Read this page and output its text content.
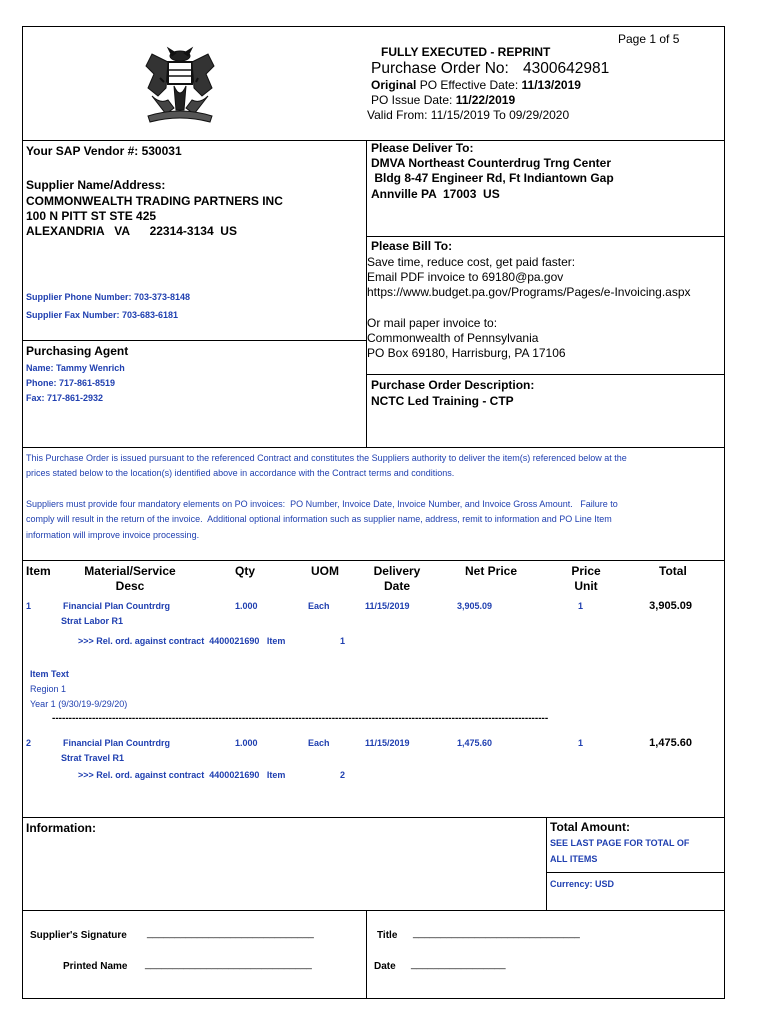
Page 1 of 5
FULLY EXECUTED - REPRINT
Purchase Order No: 4300642981
Original PO Effective Date: 11/13/2019
PO Issue Date: 11/22/2019
Valid From: 11/15/2019 To 09/29/2020
Your SAP Vendor #: 530031
Supplier Name/Address:
COMMONWEALTH TRADING PARTNERS INC
100 N PITT ST STE 425
ALEXANDRIA   VA      22314-3134  US
Supplier Phone Number: 703-373-8148
Supplier Fax Number: 703-683-6181
Please Deliver To:
DMVA Northeast Counterdrug Trng Center
Bldg 8-47 Engineer Rd, Ft Indiantown Gap
Annville PA  17003  US
Please Bill To:
Save time, reduce cost, get paid faster:
Email PDF invoice to 69180@pa.gov
https://www.budget.pa.gov/Programs/Pages/e-Invoicing.aspx
Or mail paper invoice to:
Commonwealth of Pennsylvania
PO Box 69180, Harrisburg, PA 17106
Purchasing Agent
Name: Tammy Wenrich
Phone: 717-861-8519
Fax: 717-861-2932
Purchase Order Description:
NCTC Led Training - CTP
This Purchase Order is issued pursuant to the referenced Contract and constitutes the Suppliers authority to deliver the item(s) referenced below at the
prices stated below to the location(s) identified above in accordance with the Contract terms and conditions.
Suppliers must provide four mandatory elements on PO invoices:  PO Number, Invoice Date, Invoice Number, and Invoice Gross Amount.   Failure to
comply will result in the return of the invoice.  Additional optional information such as supplier name, address, remit to information and PO Line Item
information will improve invoice processing.
Item	Material/Service
Desc
Qty	UOM	Delivery
Date
Net Price	Price
Unit
Total
1	Financial Plan Countrdrg
Strat Labor R1
1.000	Each	11/15/2019	3,905.09	1	3,905.09
>>> Rel. ord. against contract  4400021690   Item	1
Item Text
Region 1
Year 1 (9/30/19-9/29/20)
-----------------------------------------------------------------------------------------------------------------------------------------------------
2	Financial Plan Countrdrg
Strat Travel R1
1.000	Each	11/15/2019	1,475.60	1	1,475.60
>>> Rel. ord. against contract  4400021690   Item	2
Information:	Total Amount:
SEE LAST PAGE FOR TOTAL OF
ALL ITEMS
Currency: USD
Supplier's Signature ______________________________
Printed Name ______________________________
Title ______________________________
Date _________________
